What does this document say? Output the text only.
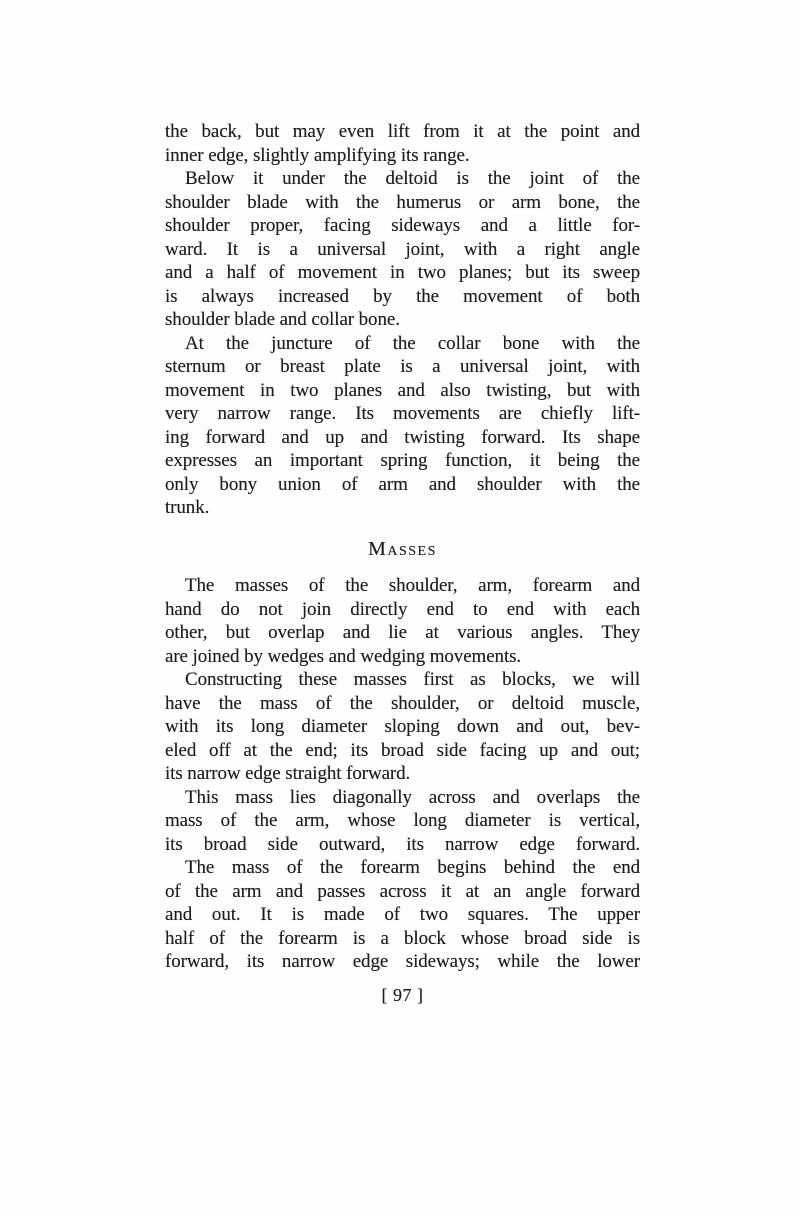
the back, but may even lift from it at the point and
inner edge, slightly amplifying its range.
Below it under the deltoid is the joint of the
shoulder blade with the humerus or arm bone, the
shoulder proper, facing sideways and a little for-
ward. It is a universal joint, with a right angle
and a half of movement in two planes; but its sweep
is always increased by the movement of both
shoulder blade and collar bone.
At the juncture of the collar bone with the
sternum or breast plate is a universal joint, with
movement in two planes and also twisting, but with
very narrow range. Its movements are chiefly lift-
ing forward and up and twisting forward. Its shape
expresses an important spring function, it being the
only bony union of arm and shoulder with the
trunk.
Masses
The masses of the shoulder, arm, forearm and
hand do not join directly end to end with each
other, but overlap and lie at various angles. They
are joined by wedges and wedging movements.
Constructing these masses first as blocks, we will
have the mass of the shoulder, or deltoid muscle,
with its long diameter sloping down and out, bev-
eled off at the end; its broad side facing up and out;
its narrow edge straight forward.
This mass lies diagonally across and overlaps the
mass of the arm, whose long diameter is vertical,
its broad side outward, its narrow edge forward.
The mass of the forearm begins behind the end
of the arm and passes across it at an angle forward
and out. It is made of two squares. The upper
half of the forearm is a block whose broad side is
forward, its narrow edge sideways; while the lower
[ 97 ]
